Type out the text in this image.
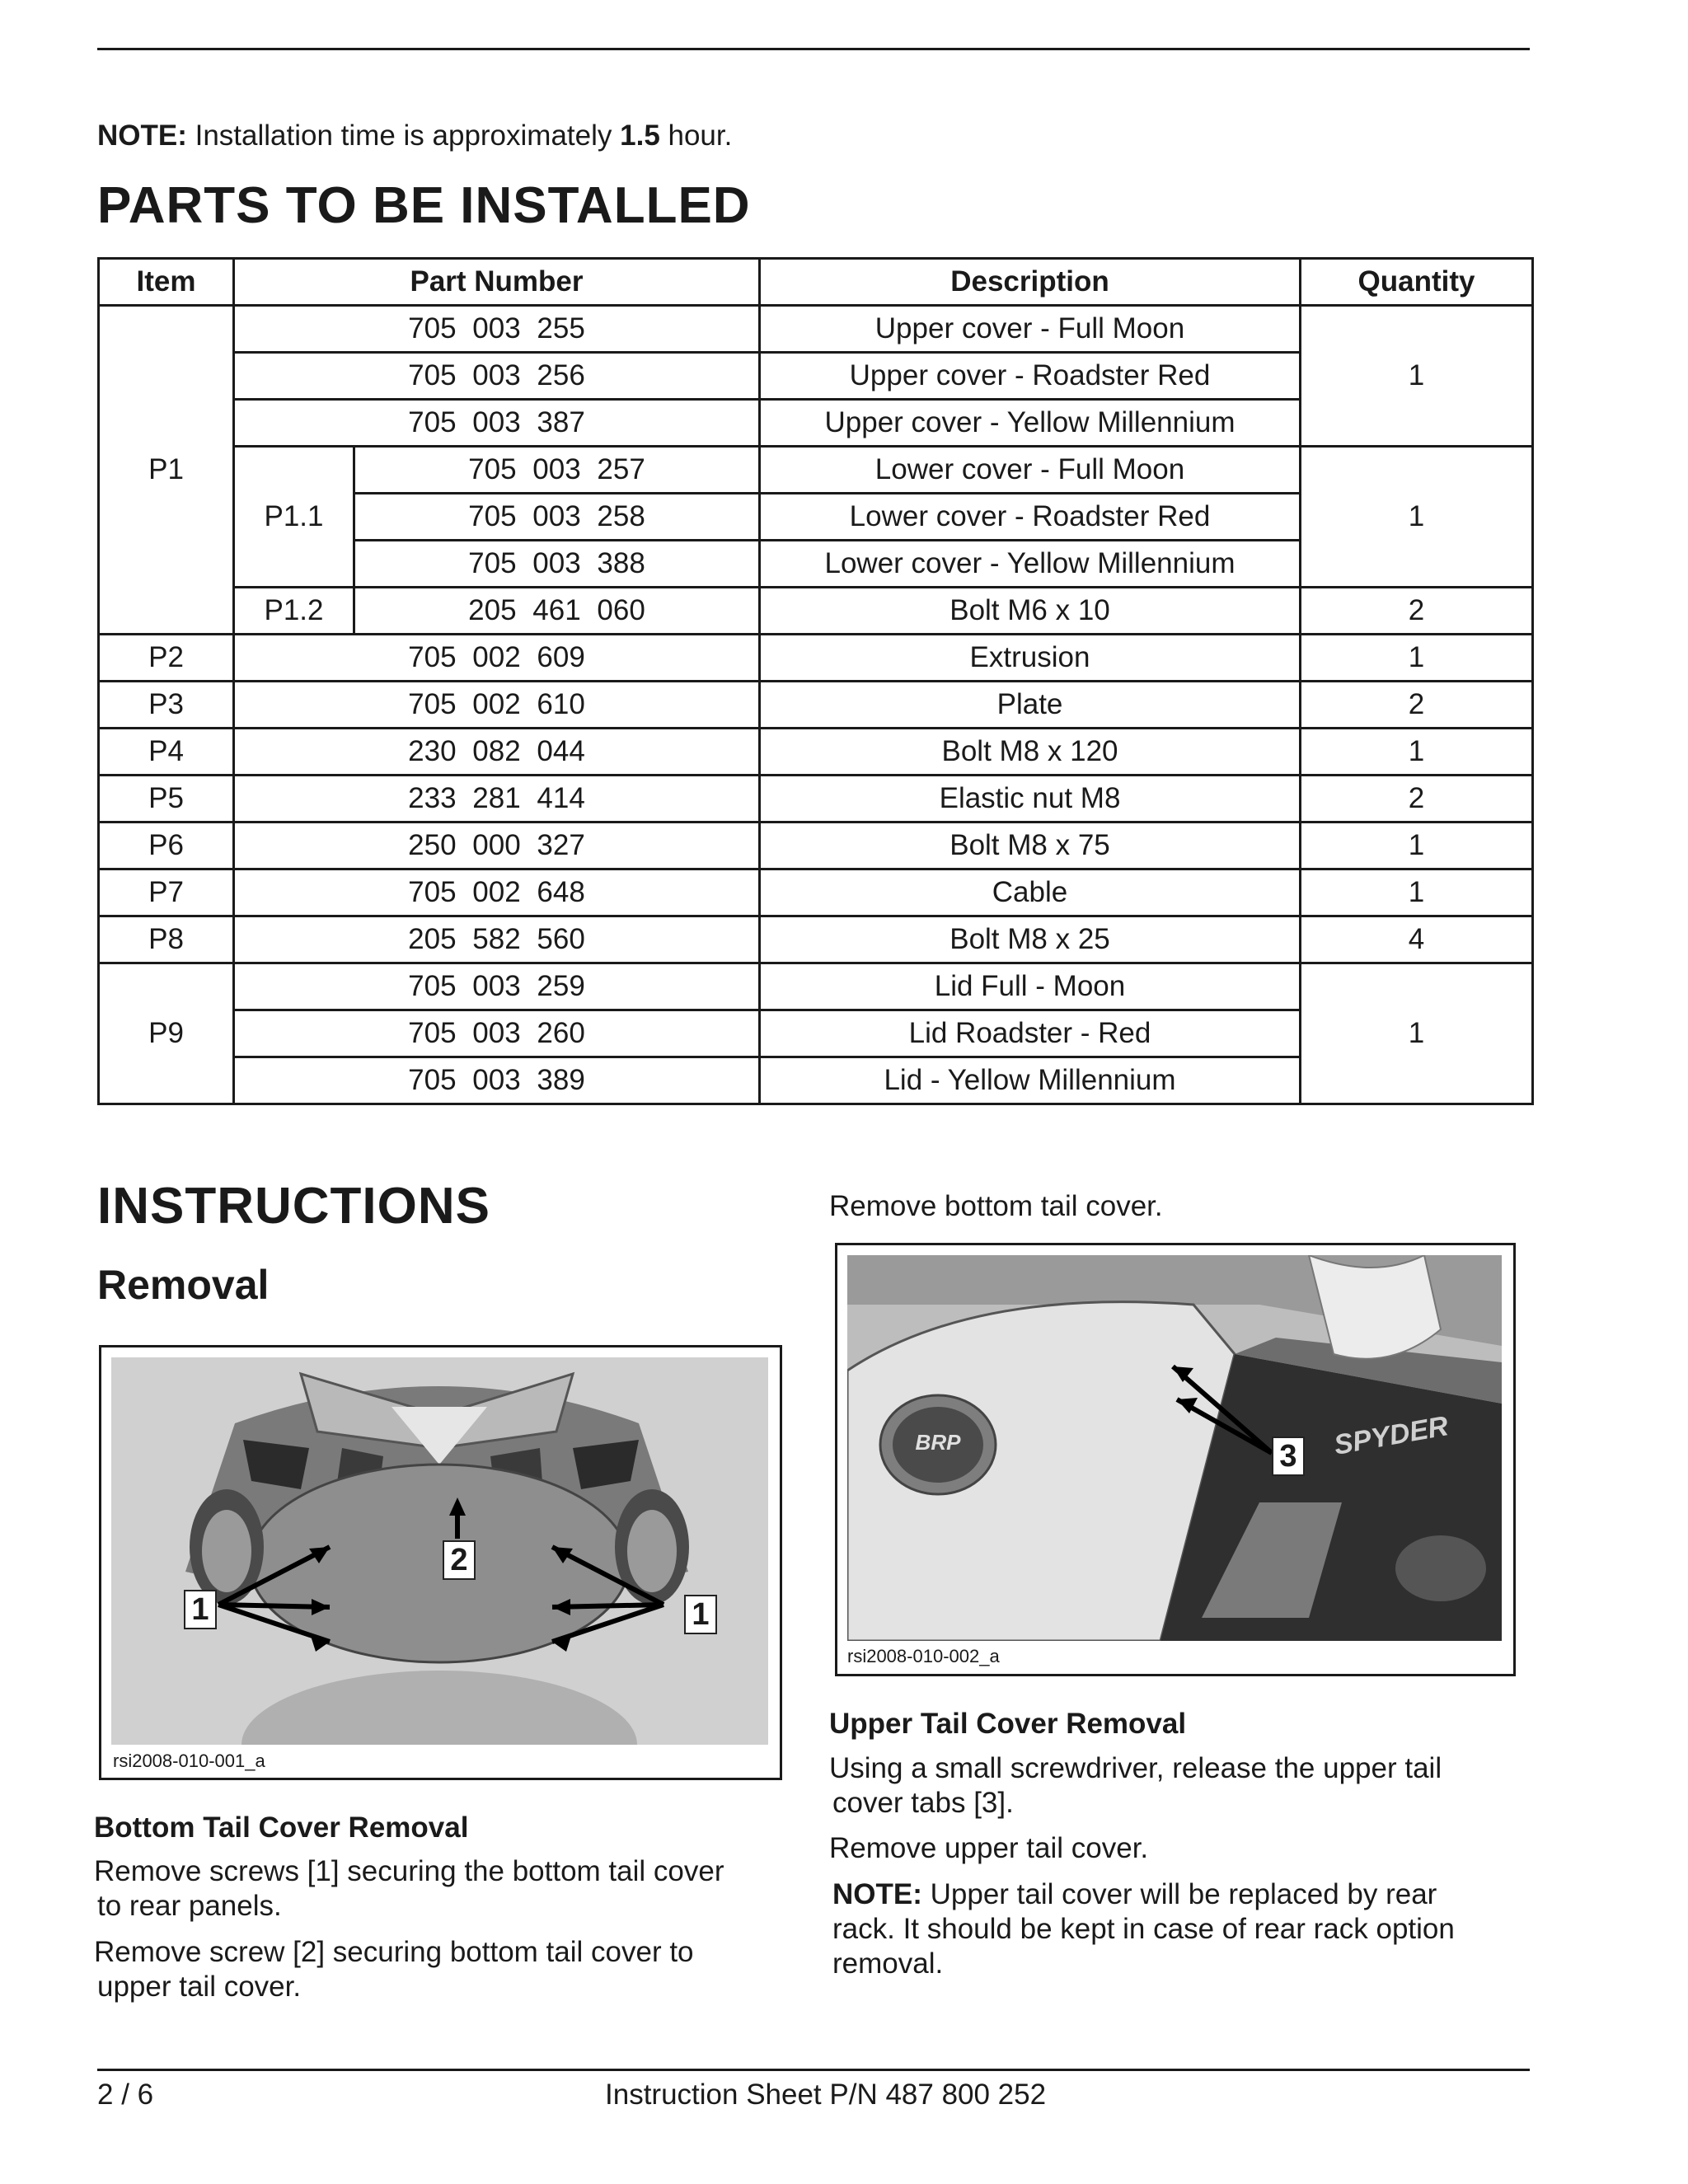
NOTE: Installation time is approximately 1.5 hour.
PARTS TO BE INSTALLED
Item	Part Number		Description	Quantity
P1	705 003 255		Upper cover - Full Moon	1
	705 003 256		Upper cover - Roadster Red	
	705 003 387		Upper cover - Yellow Millennium	
	P1.1	705 003 257	Lower cover - Full Moon	1
		705 003 258	Lower cover - Roadster Red	
		705 003 388	Lower cover - Yellow Millennium	
	P1.2	205 461 060	Bolt M6 x 10	2
P2	705 002 609		Extrusion	1
P3	705 002 610		Plate	2
P4	230 082 044		Bolt M8 x 120	1
P5	233 281 414		Elastic nut M8	2
P6	250 000 327		Bolt M8 x 75	1
P7	705 002 648		Cable	1
P8	205 582 560		Bolt M8 x 25	4
P9	705 003 259		Lid Full - Moon	1
	705 003 260		Lid Roadster - Red	
	705 003 389		Lid - Yellow Millennium	
INSTRUCTIONS
Removal
1	1
2
rsi2008-010-001_a
Bottom Tail Cover Removal

Remove screws [1] securing the bottom tail cover
to rear panels.

Remove screw [2] securing bottom tail cover to
upper tail cover.

Remove bottom tail cover.

BRP	SPYDER
3
rsi2008-010-002_a
Upper Tail Cover Removal

Using a small screwdriver, release the upper tail
cover tabs [3].

Remove upper tail cover.

NOTE: Upper tail cover will be replaced by rear
rack. It should be kept in case of rear rack option
removal.

2 / 6	Instruction Sheet P/N 487 800 252
